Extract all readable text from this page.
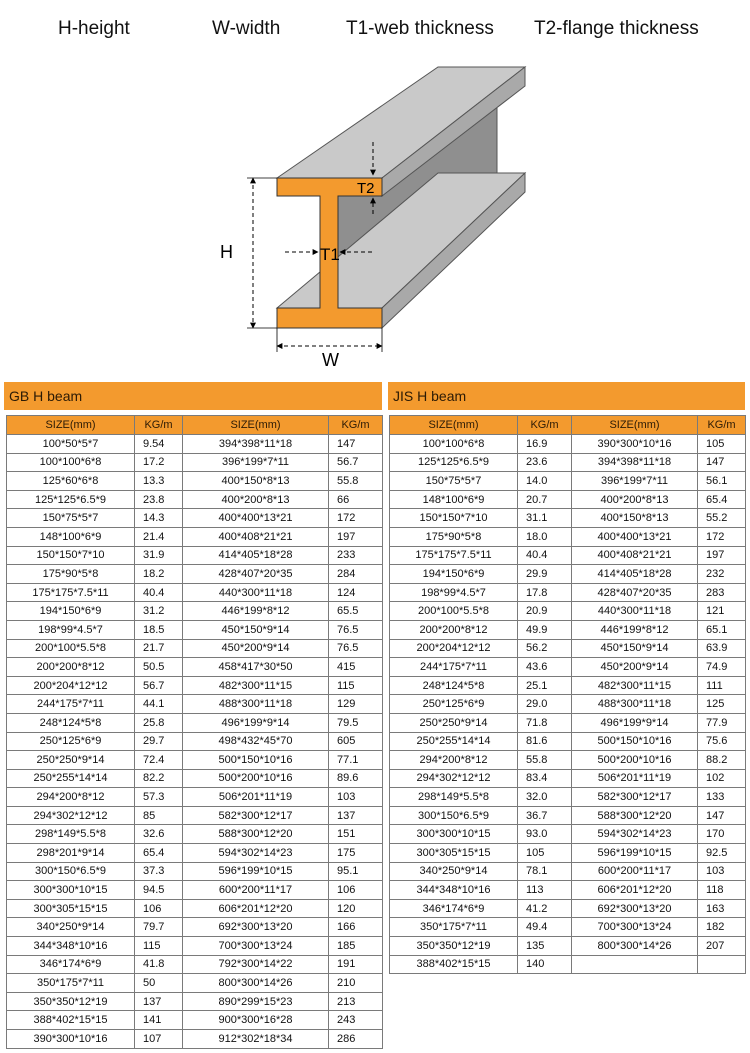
H-height	W-width	T1-web thickness T2-flange thickness
H
W
T1
T2
GB H beam
SIZE(mm)	KG/m	SIZE(mm)	KG/m
100*50*5*7	9.54	394*398*11*18	147
100*100*6*8	17.2	396*199*7*11	56.7
125*60*6*8	13.3	400*150*8*13	55.8
125*125*6.5*9	23.8	400*200*8*13	66
150*75*5*7	14.3	400*400*13*21	172
148*100*6*9	21.4	400*408*21*21	197
150*150*7*10	31.9	414*405*18*28	233
175*90*5*8	18.2	428*407*20*35	284
175*175*7.5*11	40.4	440*300*11*18	124
194*150*6*9	31.2	446*199*8*12	65.5
198*99*4.5*7	18.5	450*150*9*14	76.5
200*100*5.5*8	21.7	450*200*9*14	76.5
200*200*8*12	50.5	458*417*30*50	415
200*204*12*12	56.7	482*300*11*15	115
244*175*7*11	44.1	488*300*11*18	129
248*124*5*8	25.8	496*199*9*14	79.5
250*125*6*9	29.7	498*432*45*70	605
250*250*9*14	72.4	500*150*10*16	77.1
250*255*14*14	82.2	500*200*10*16	89.6
294*200*8*12	57.3	506*201*11*19	103
294*302*12*12	85	582*300*12*17	137
298*149*5.5*8	32.6	588*300*12*20	151
298*201*9*14	65.4	594*302*14*23	175
300*150*6.5*9	37.3	596*199*10*15	95.1
300*300*10*15	94.5	600*200*11*17	106
300*305*15*15	106	606*201*12*20	120
340*250*9*14	79.7	692*300*13*20	166
344*348*10*16	115	700*300*13*24	185
346*174*6*9	41.8	792*300*14*22	191
350*175*7*11	50	800*300*14*26	210
350*350*12*19	137	890*299*15*23	213
388*402*15*15	141	900*300*16*28	243
390*300*10*16	107	912*302*18*34	286
JIS H beam
SIZE(mm)	KG/m	SIZE(mm)	KG/m
100*100*6*8	16.9	390*300*10*16	105
125*125*6.5*9	23.6	394*398*11*18	147
150*75*5*7	14.0	396*199*7*11	56.1
148*100*6*9	20.7	400*200*8*13	65.4
150*150*7*10	31.1	400*150*8*13	55.2
175*90*5*8	18.0	400*400*13*21	172
175*175*7.5*11	40.4	400*408*21*21	197
194*150*6*9	29.9	414*405*18*28	232
198*99*4.5*7	17.8	428*407*20*35	283
200*100*5.5*8	20.9	440*300*11*18	121
200*200*8*12	49.9	446*199*8*12	65.1
200*204*12*12	56.2	450*150*9*14	63.9
244*175*7*11	43.6	450*200*9*14	74.9
248*124*5*8	25.1	482*300*11*15	111
250*125*6*9	29.0	488*300*11*18	125
250*250*9*14	71.8	496*199*9*14	77.9
250*255*14*14	81.6	500*150*10*16	75.6
294*200*8*12	55.8	500*200*10*16	88.2
294*302*12*12	83.4	506*201*11*19	102
298*149*5.5*8	32.0	582*300*12*17	133
300*150*6.5*9	36.7	588*300*12*20	147
300*300*10*15	93.0	594*302*14*23	170
300*305*15*15	105	596*199*10*15	92.5
340*250*9*14	78.1	600*200*11*17	103
344*348*10*16	113	606*201*12*20	118
346*174*6*9	41.2	692*300*13*20	163
350*175*7*11	49.4	700*300*13*24	182
350*350*12*19	135	800*300*14*26	207
388*402*15*15	140		
